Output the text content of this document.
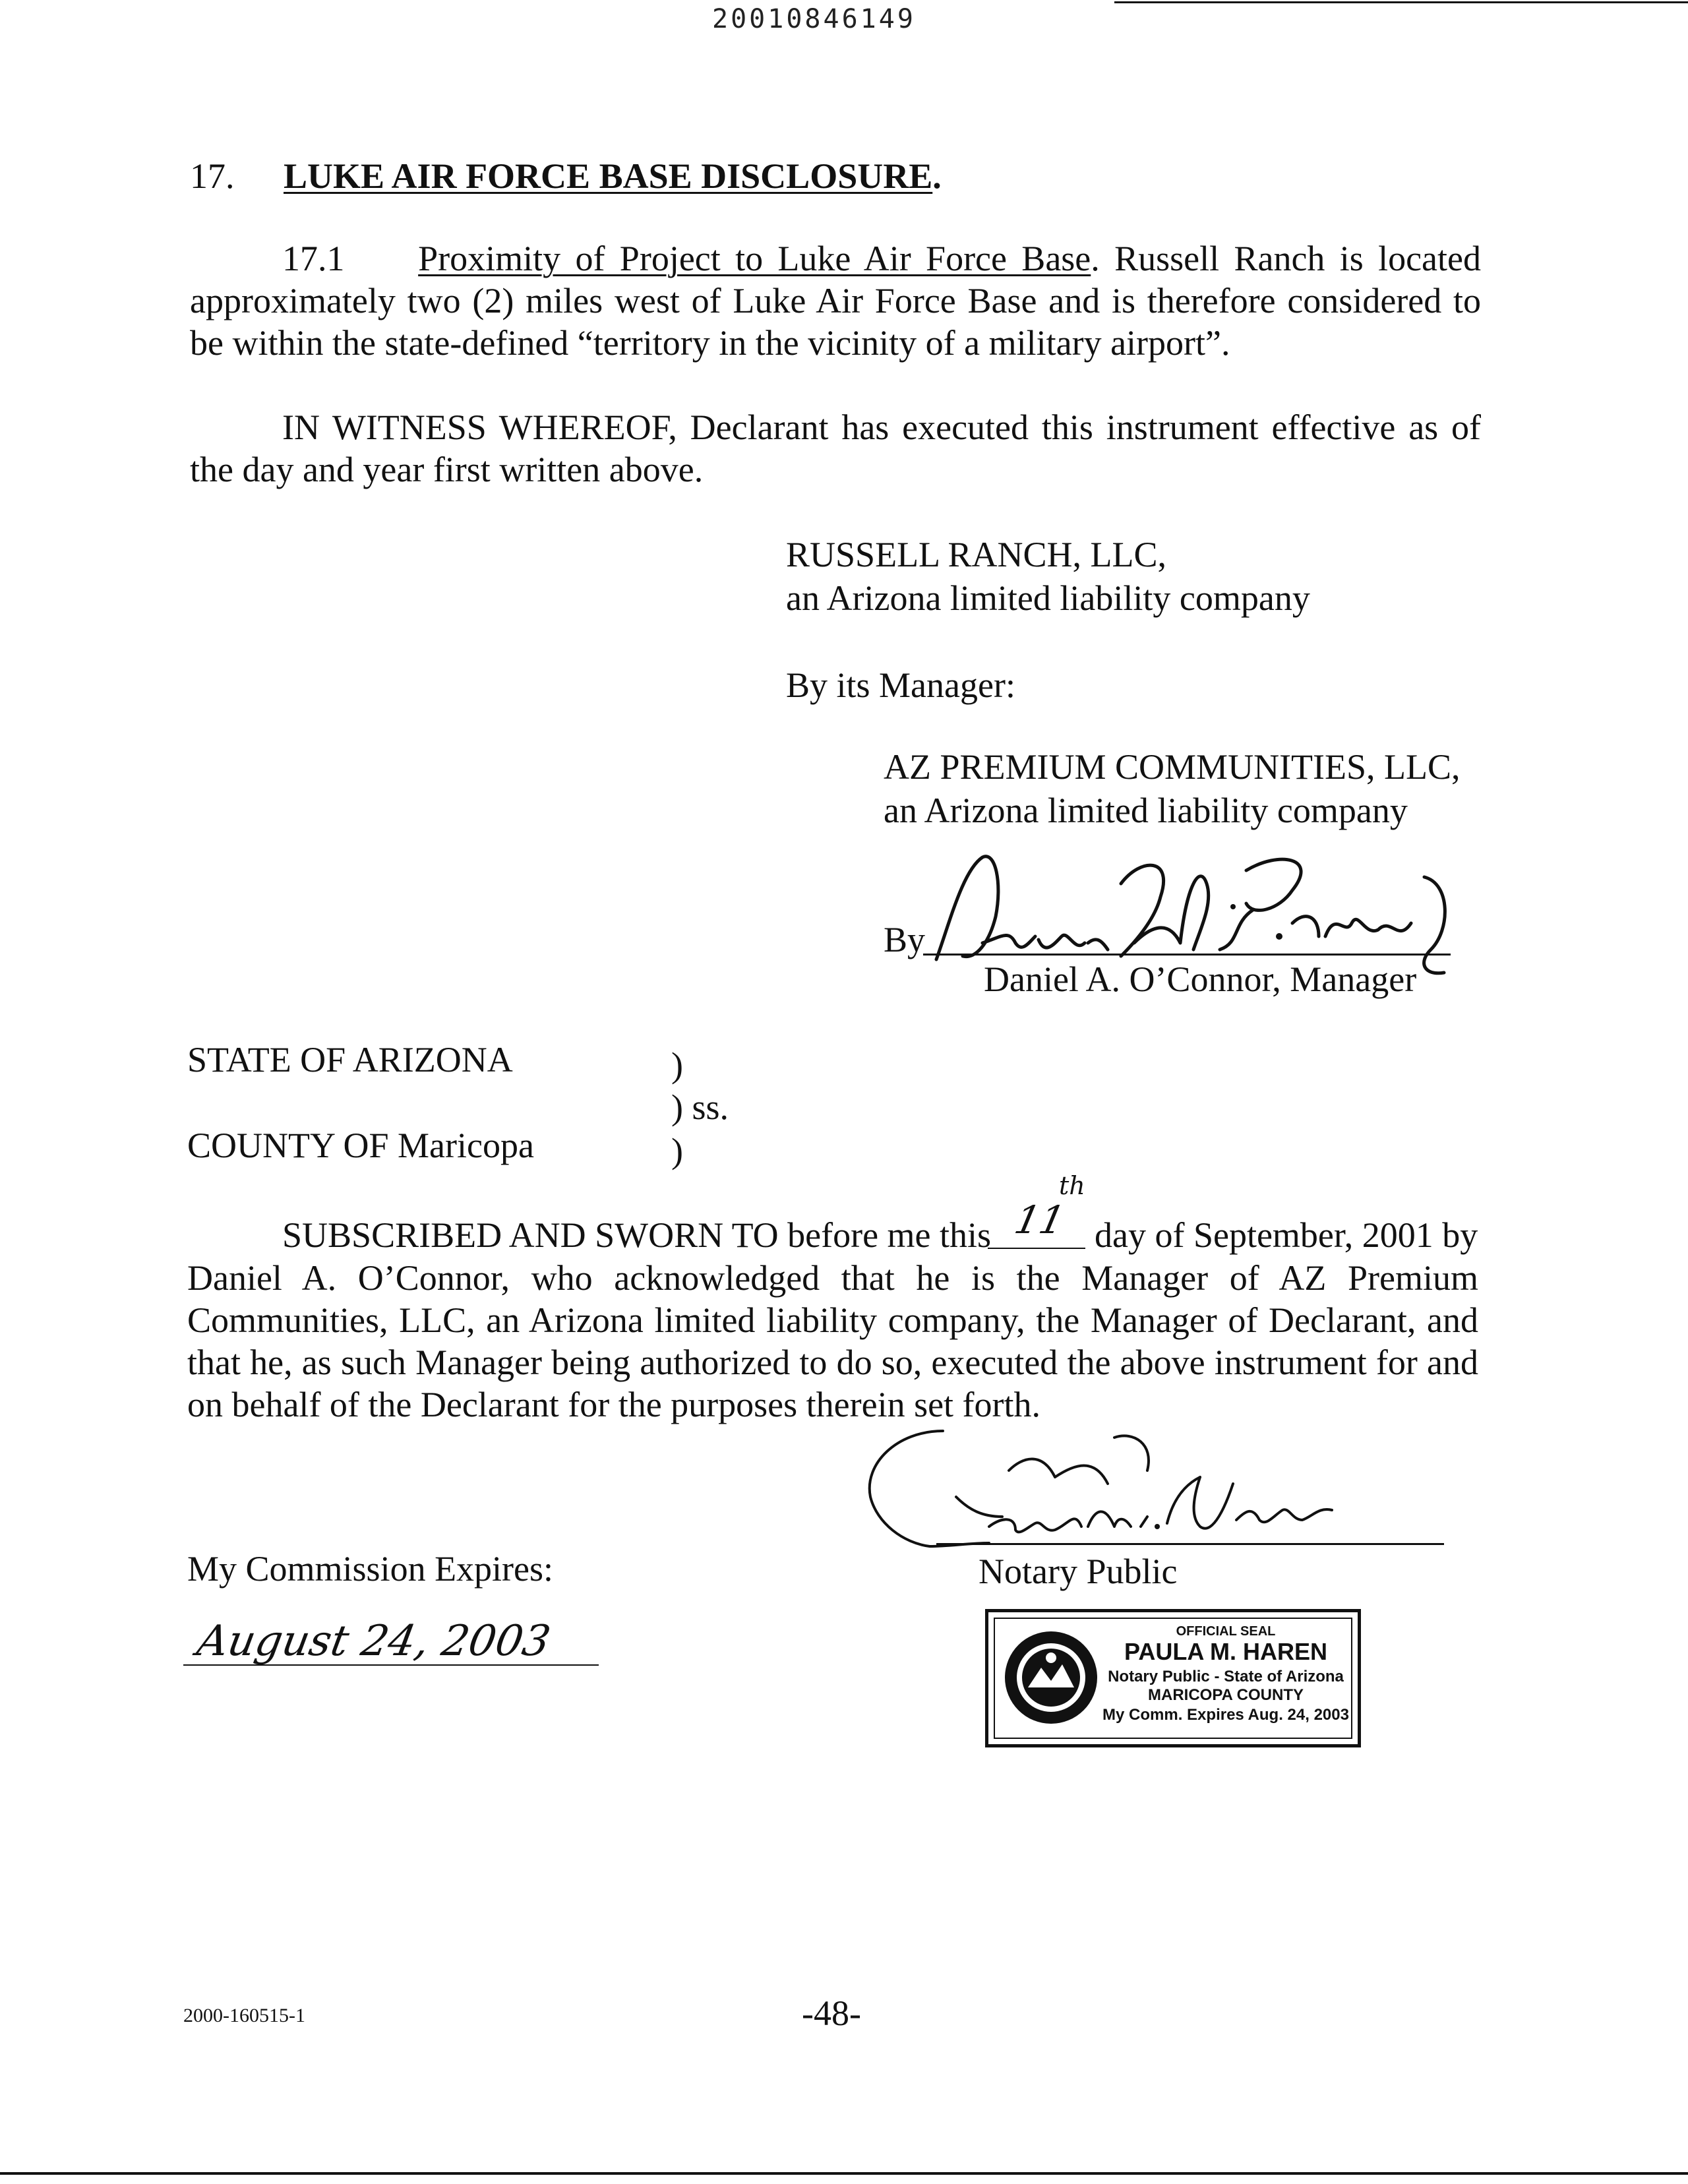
20010846149
17. LUKE AIR FORCE BASE DISCLOSURE.
17.1 Proximity of Project to Luke Air Force Base. Russell Ranch is located approximately two (2) miles west of Luke Air Force Base and is therefore considered to be within the state-defined “territory in the vicinity of a military airport”.
IN WITNESS WHEREOF, Declarant has executed this instrument effective as of the day and year first written above.
RUSSELL RANCH, LLC,
an Arizona limited liability company
By its Manager:
AZ PREMIUM COMMUNITIES, LLC,
an Arizona limited liability company
By
Daniel A. O’Connor, Manager
STATE OF ARIZONA	)
) ss.
COUNTY OF Maricopa	)
SUBSCRIBED AND SWORN TO before me this 11
th
day of September, 2001 by
Daniel A. O’Connor, who acknowledged that he is the Manager of AZ Premium Communities, LLC, an Arizona limited liability company, the Manager of Declarant, and that he, as such Manager being authorized to do so, executed the above instrument for and on behalf of the Declarant for the purposes therein set forth.
Notary Public
My Commission Expires:
August 24, 2003	OFFICIAL SEAL
PAULA M. HAREN
Notary Public - State of Arizona
MARICOPA COUNTY
My Comm. Expires Aug. 24, 2003
2000-160515-1	-48-
